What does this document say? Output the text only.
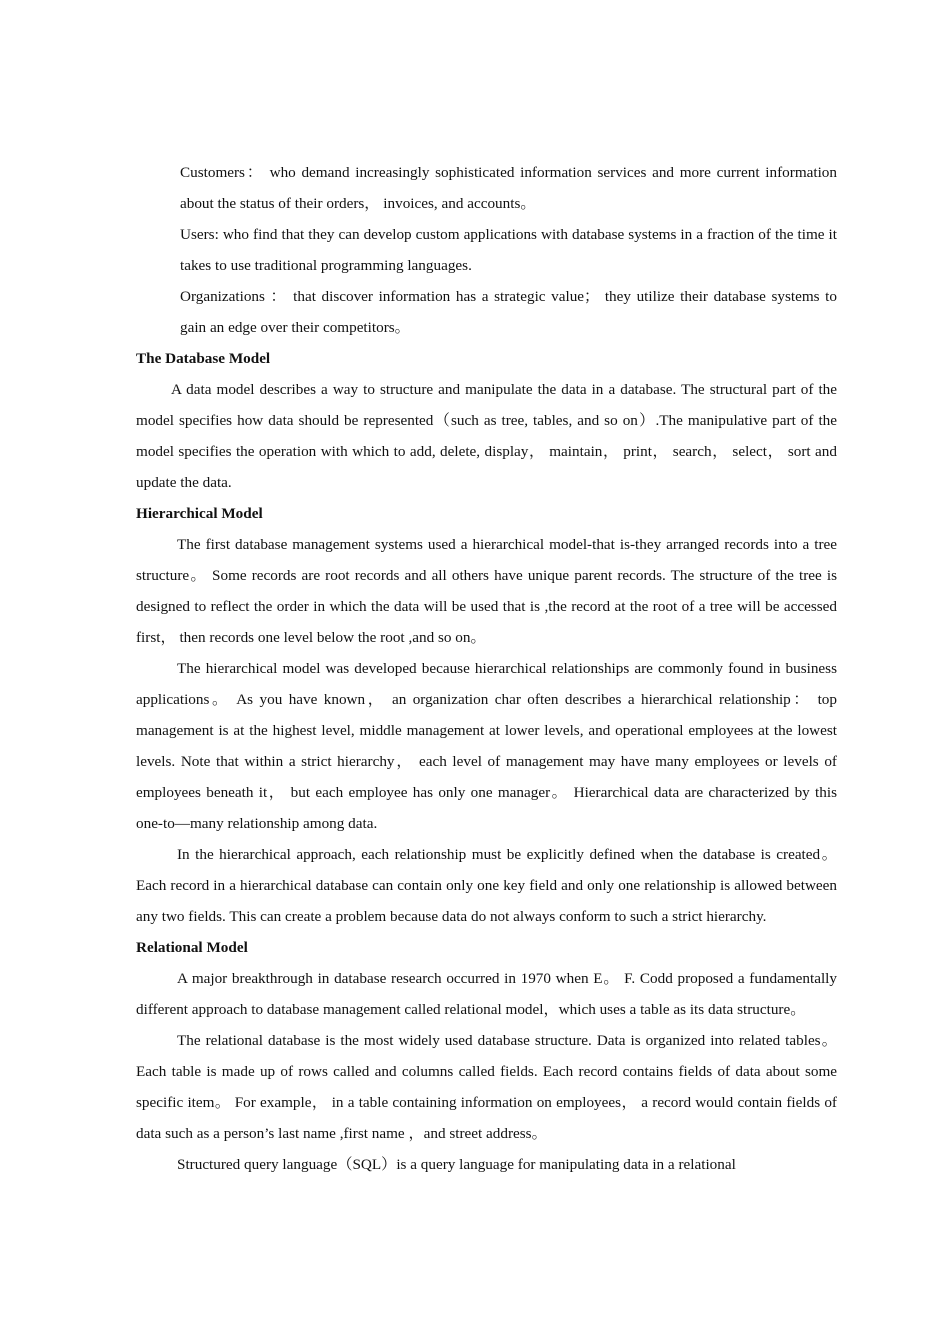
Customers： who demand increasingly sophisticated information services and more current information about the status of their orders， invoices, and accounts。

Users: who find that they can develop custom applications with database systems in a fraction of the time it takes to use traditional programming languages.

Organizations ： that discover information has a strategic value； they utilize their database systems to gain an edge over their competitors。

The Database Model

A data model describes a way to structure and manipulate the data in a database. The structural part of the model specifies how data should be represented（such as tree, tables, and so on）.The manipulative part of the model specifies the operation with which to add, delete, display， maintain， print， search， select， sort and update the data.

Hierarchical Model

The first database management systems used a hierarchical model-that is-they arranged records into a tree structure。 Some records are root records and all others have unique parent records. The structure of the tree is designed to reflect the order in which the data will be used that is ,the record at the root of a tree will be accessed first， then records one level below the root ,and so on。

The hierarchical model was developed because hierarchical relationships are commonly found in business applications。 As you have known， an organization char often describes a hierarchical relationship： top management is at the highest level, middle management at lower levels, and operational employees at the lowest levels. Note that within a strict hierarchy， each level of management may have many employees or levels of employees beneath it， but each employee has only one manager。 Hierarchical data are characterized by this one-to—many relationship among data.

In the hierarchical approach, each relationship must be explicitly defined when the database is created。 Each record in a hierarchical database can contain only one key field and only one relationship is allowed between any two fields. This can create a problem because data do not always conform to such a strict hierarchy.

Relational Model

A major breakthrough in database research occurred in 1970 when E。 F. Codd proposed a fundamentally different approach to database management called relational model，which uses a table as its data structure。

The relational database is the most widely used database structure. Data is organized into related tables。 Each table is made up of rows called and columns called fields. Each record contains fields of data about some specific item。 For example， in a table containing information on employees， a record would contain fields of data such as a person’s last name ,first name ，and street address。

Structured query language（SQL）is a query language for manipulating data in a relational
